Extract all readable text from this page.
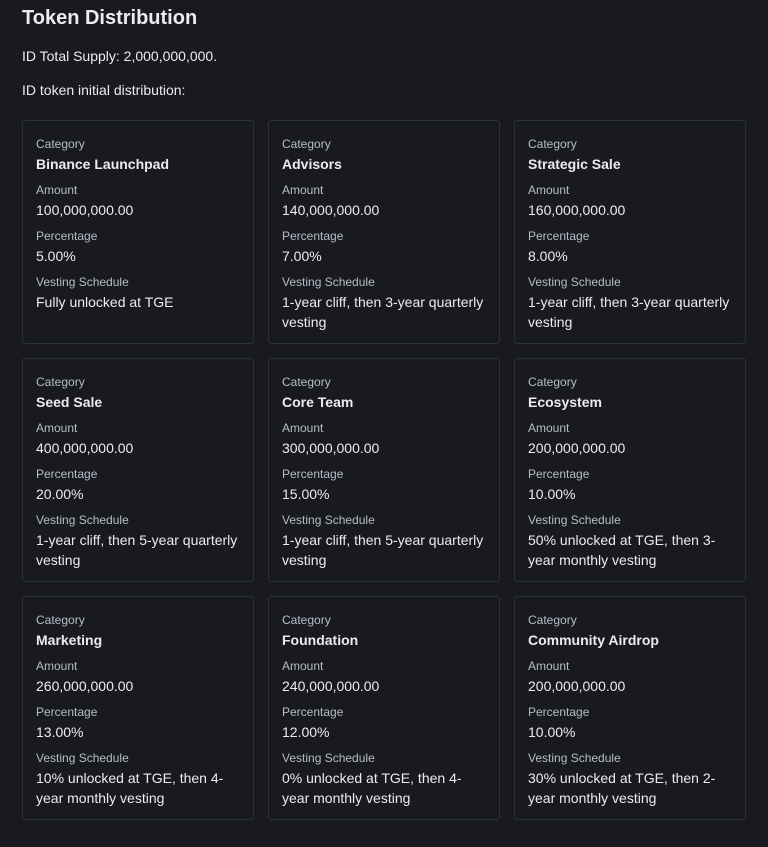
Token Distribution
ID Total Supply: 2,000,000,000.
ID token initial distribution:
Category
Binance Launchpad
Amount
100,000,000.00
Percentage
5.00%
Vesting Schedule
Fully unlocked at TGE
Category
Advisors
Amount
140,000,000.00
Percentage
7.00%
Vesting Schedule
1-year cliff, then 3-year quarterly vesting
Category
Strategic Sale
Amount
160,000,000.00
Percentage
8.00%
Vesting Schedule
1-year cliff, then 3-year quarterly vesting
Category
Seed Sale
Amount
400,000,000.00
Percentage
20.00%
Vesting Schedule
1-year cliff, then 5-year quarterly vesting
Category
Core Team
Amount
300,000,000.00
Percentage
15.00%
Vesting Schedule
1-year cliff, then 5-year quarterly vesting
Category
Ecosystem
Amount
200,000,000.00
Percentage
10.00%
Vesting Schedule
50% unlocked at TGE, then 3-year monthly vesting
Category
Marketing
Amount
260,000,000.00
Percentage
13.00%
Vesting Schedule
10% unlocked at TGE, then 4-year monthly vesting
Category
Foundation
Amount
240,000,000.00
Percentage
12.00%
Vesting Schedule
0% unlocked at TGE, then 4-year monthly vesting
Category
Community Airdrop
Amount
200,000,000.00
Percentage
10.00%
Vesting Schedule
30% unlocked at TGE, then 2-year monthly vesting
